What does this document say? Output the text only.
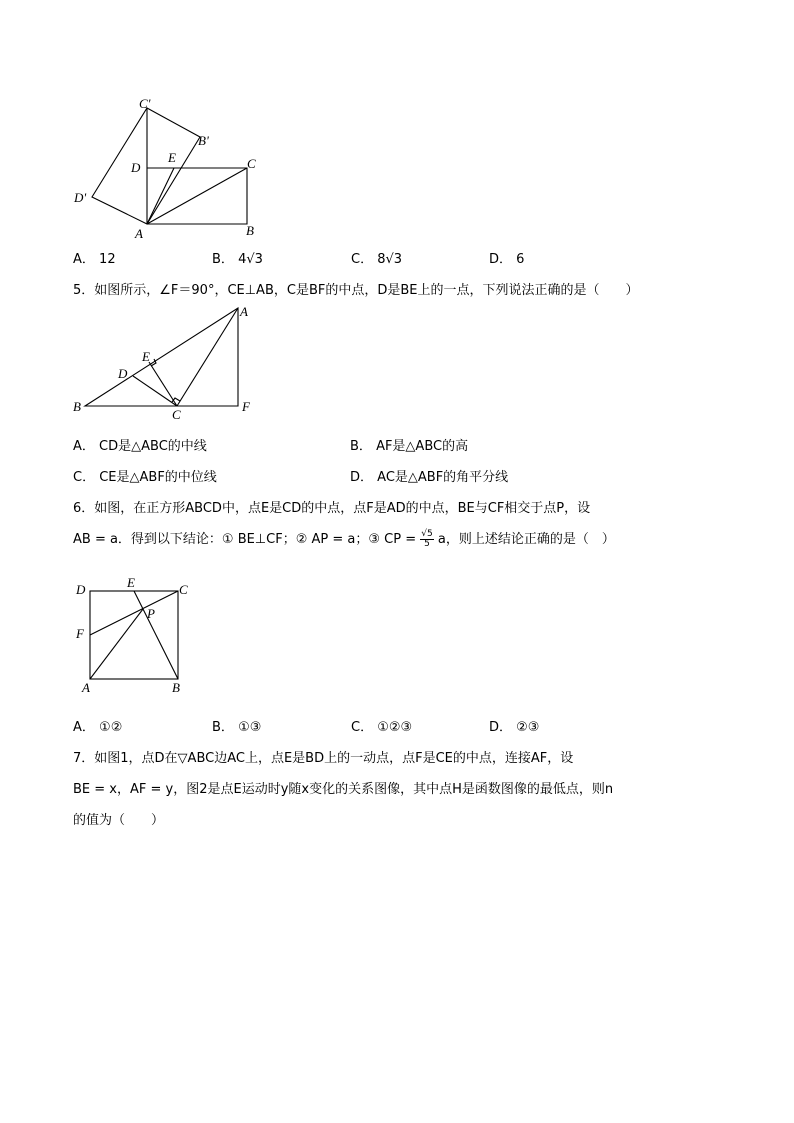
C'
B'
E	C
D
D'
A	B
A． 12	B． 4√3	C． 8√3	D． 6
5．如图所示，∠F＝90°，CE⊥AB，C是BF的中点，D是BE上的一点，下列说法正确的是（　　）
A
E
D
B
C
F
A． CD是△ABC的中线	B． AF是△ABC的高
C． CE是△ABF的中位线	D． AC是△ABF的角平分线
6．如图，在正方形ABCD中，点E是CD的中点，点F是AD的中点，BE与CF相交于点P，设
AB = a．得到以下结论：① BE⊥CF；② AP = a；③ CP = $\frac{√5}{5}$ a，则上述结论正确的是（　）
D	E	C
F
P
A	B
A． ①②	B． ①③	C． ①②③	D． ②③
7．如图1，点D在▽ABC边AC上，点E是BD上的一动点，点F是CE的中点，连接AF，设
BE = x，AF = y，图2是点E运动时y随x变化的关系图像，其中点H是函数图像的最低点，则n
的值为（　　）
